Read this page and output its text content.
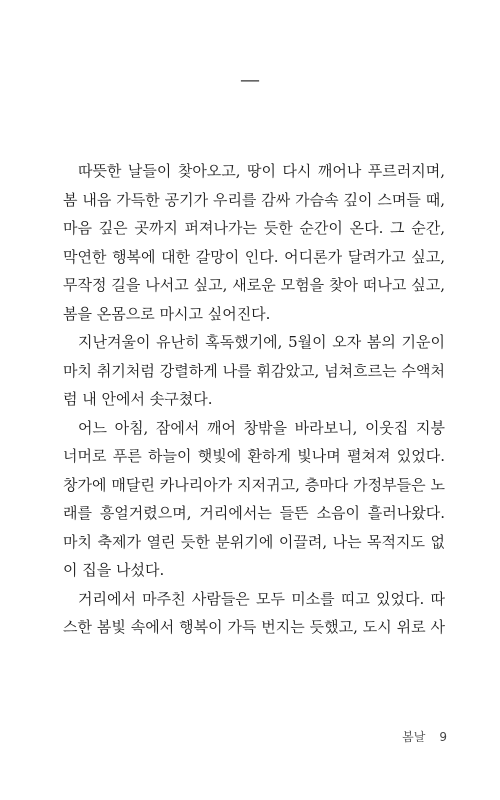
—
따뜻한 날들이 찾아오고, 땅이 다시 깨어나 푸르러지며,
봄 내음 가득한 공기가 우리를 감싸 가슴속 깊이 스며들 때,
마음 깊은 곳까지 퍼져나가는 듯한 순간이 온다. 그 순간,
막연한 행복에 대한 갈망이 인다. 어디론가 달려가고 싶고,
무작정 길을 나서고 싶고, 새로운 모험을 찾아 떠나고 싶고,
봄을 온몸으로 마시고 싶어진다.
지난겨울이 유난히 혹독했기에, 5월이 오자 봄의 기운이
마치 취기처럼 강렬하게 나를 휘감았고, 넘쳐흐르는 수액처
럼 내 안에서 솟구쳤다.
어느 아침, 잠에서 깨어 창밖을 바라보니, 이웃집 지붕
너머로 푸른 하늘이 햇빛에 환하게 빛나며 펼쳐져 있었다.
창가에 매달린 카나리아가 지저귀고, 층마다 가정부들은 노
래를 흥얼거렸으며, 거리에서는 들뜬 소음이 흘러나왔다.
마치 축제가 열린 듯한 분위기에 이끌려, 나는 목적지도 없
이 집을 나섰다.
거리에서 마주친 사람들은 모두 미소를 띠고 있었다. 따
스한 봄빛 속에서 행복이 가득 번지는 듯했고, 도시 위로 사
봄날 9
